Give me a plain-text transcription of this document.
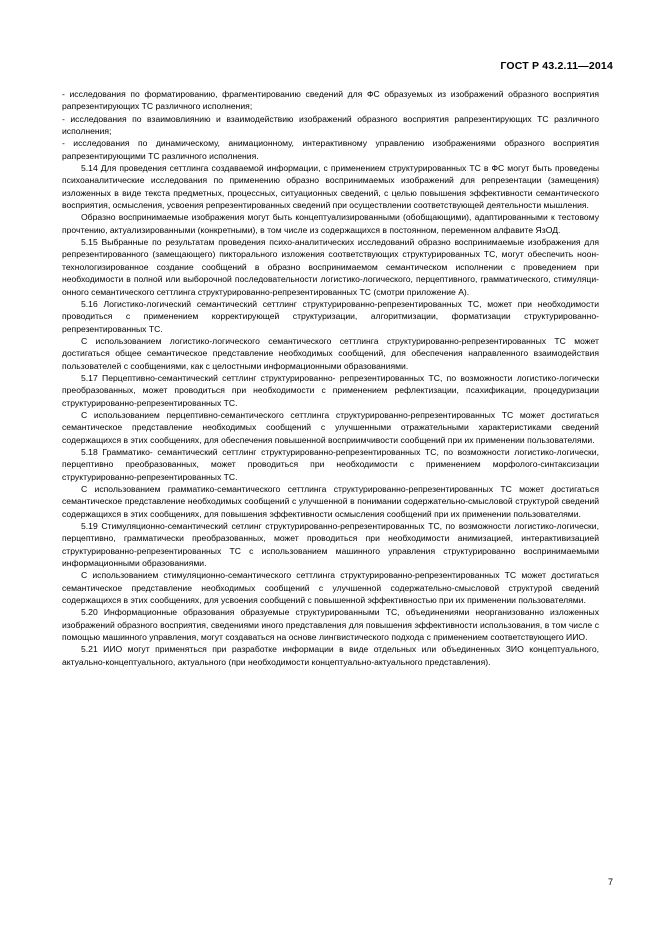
ГОСТ Р 43.2.11—2014

- исследования по форматированию, фрагментированию сведений для ФС образуемых из изображений образного восприятия рапрезентирующих ТС различного исполнения;

- исследования по взаимовлиянию и взаимодействию изображений образного восприятия рапрезентирующих ТС различного исполнения;

- исследования по динамическому, анимационному, интерактивному управлению изображениями образного восприятия рапрезентирующими ТС различного исполнения.

5.14 Для проведения сеттлинга создаваемой информации, с применением структурированных ТС в ФС могут быть проведены психоаналитические исследования по применению образно воспринимаемых изображений для репрезентации (замещения) изложенных в виде текста предметных, процессных, ситуационных сведений, с целью повышения эффективности семантического восприятия, осмысления, усвоения репрезентированных сведений при осуществлении соответствующей деятельности мышления.

Образно воспринимаемые изображения могут быть концептуализированными (обобщающими), адаптированными к тестовому прочтению, актуализированными (конкретными), в том числе из содержащихся в постоянном, переменном алфавите ЯзОД.

5.15 Выбранные по результатам проведения психо-аналитических исследований образно воспринимаемые изображения для репрезентированного (замещающего) пикторального изложения соответствующих структурированных ТС, могут обеспечить ноон-технологизированное создание сообщений в образно воспринимаемом семантическом исполнении с проведением при необходимости в полной или выборочной последовательности логистико-логического, перцептивного, грамматического, стимуляционного семантического сеттлинга структурированно-репрезентированных ТС (смотри приложение А).

5.16 Логистико-логический семантический сеттлинг структурированно-репрезентированных ТС, может при необходимости проводиться с применением корректирующей структуризации, алгоритмизации, форматизации структурированно-репрезентированных ТС.

С использованием логистико-логического семантического сеттлинга структурированно-репрезентированных ТС может достигаться общее семантическое представление необходимых сообщений, для обеспечения направленного взаимодействия пользователей с сообщениями, как с целостными информационными образованиями.

5.17 Перцептивно-семантический сеттлинг структурированно- репрезентированных ТС, по возможности логистико-логически преобразованных, может проводиться при необходимости с применением рефлектизации, псахификации, процедуризации структурированно-репрезентированных ТС.

С использованием перцептивно-семантического сеттлинга структурированно-репрезентированных ТС может достигаться семантическое представление необходимых сообщений с улучшенными отражательными характеристиками сведений содержащихся в этих сообщениях, для обеспечения повышенной восприимчивости сообщений при их применении пользователями.

5.18 Грамматико- семантический сеттлинг структурированно-репрезентированных ТС, по возможности логистико-логически, перцептивно преобразованных, может проводиться при необходимости с применением морфолого-синтаксизации структурированно-репрезентированных ТС.

С использованием грамматико-семантического сеттлинга структурированно-репрезентированных ТС может достигаться семантическое представление необходимых сообщений с улучшенной в понимании содержательно-смысловой структурой сведений содержащихся в этих сообщениях, для повышения эффективности осмысления сообщений при их применении пользователями.

5.19 Стимуляционно-семантический сетлинг структурированно-репрезентированных ТС, по возможности логистико-логически, перцептивно, грамматически преобразованных, может проводиться при необходимости анимизацией, интерактивизацией структурированно-репрезентированных ТС с использованием машинного управления структурированно воспринимаемыми информационными образованиями.

С использованием стимуляционно-семантического сеттлинга структурированно-репрезентированных ТС может достигаться семантическое представление необходимых сообщений с улучшенной содержательно-смысловой структурой сведений содержащихся в этих сообщениях, для усвоения сообщений с повышенной эффективностью при их применении пользователями.

5.20 Информационные образования образуемые структурированными ТС, объединениями неорганизованно изложенных изображений образного восприятия, сведениями иного представления для повышения эффективности использования, в том числе с помощью машинного управления, могут создаваться на основе лингвистического подхода с применением соответствующего ИИО.

5.21 ИИО могут применяться при разработке информации в виде отдельных или объединенных ЗИО концептуального, актуально-концептуального, актуального (при необходимости концептуально-актуального представления).

7
